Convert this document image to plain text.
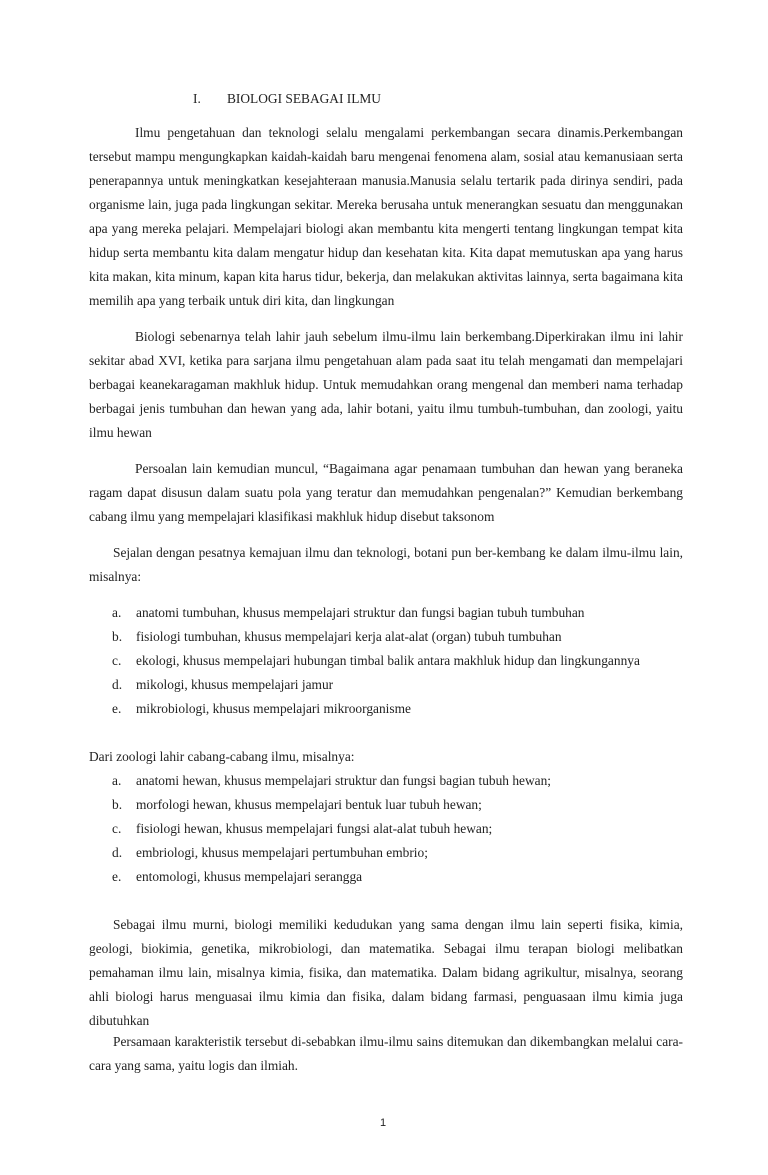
I. BIOLOGI SEBAGAI ILMU

Ilmu pengetahuan dan teknologi selalu mengalami perkembangan secara dinamis.Perkembangan tersebut mampu mengungkapkan kaidah-kaidah baru mengenai fenomena alam, sosial atau kemanusiaan serta penerapannya untuk meningkatkan kesejahteraan manusia.Manusia selalu tertarik pada dirinya sendiri, pada organisme lain, juga pada lingkungan sekitar. Mereka berusaha untuk menerangkan sesuatu dan menggunakan apa yang mereka pelajari. Mempelajari biologi akan membantu kita mengerti tentang lingkungan tempat kita hidup serta membantu kita dalam mengatur hidup dan kesehatan kita. Kita dapat memutuskan apa yang harus kita makan, kita minum, kapan kita harus tidur, bekerja, dan melakukan aktivitas lainnya, serta bagaimana kita memilih apa yang terbaik untuk diri kita, dan lingkungan

Biologi sebenarnya telah lahir jauh sebelum ilmu-ilmu lain berkembang.Diperkirakan ilmu ini lahir sekitar abad XVI, ketika para sarjana ilmu pengetahuan alam pada saat itu telah mengamati dan mempelajari berbagai keanekaragaman makhluk hidup. Untuk memudahkan orang mengenal dan memberi nama terhadap berbagai jenis tumbuhan dan hewan yang ada, lahir botani, yaitu ilmu tumbuh-tumbuhan, dan zoologi, yaitu ilmu hewan

Persoalan lain kemudian muncul, “Bagaimana agar penamaan tumbuhan dan hewan yang beraneka ragam dapat disusun dalam suatu pola yang teratur dan memudahkan pengenalan?” Kemudian berkembang cabang ilmu yang mempelajari klasifikasi makhluk hidup disebut taksonom

Sejalan dengan pesatnya kemajuan ilmu dan teknologi, botani pun ber-kembang ke dalam ilmu-ilmu lain, misalnya:

a.	anatomi tumbuhan, khusus mempelajari struktur dan fungsi bagian tubuh tumbuhan
b.	fisiologi tumbuhan, khusus mempelajari kerja alat-alat (organ) tubuh tumbuhan
c.	ekologi, khusus mempelajari hubungan timbal balik antara makhluk hidup dan lingkungannya
d.	mikologi, khusus mempelajari jamur
e.	mikrobiologi, khusus mempelajari mikroorganisme

Dari zoologi lahir cabang-cabang ilmu, misalnya:

a.	anatomi hewan, khusus mempelajari struktur dan fungsi bagian tubuh hewan;
b.	morfologi hewan, khusus mempelajari bentuk luar tubuh hewan;
c.	fisiologi hewan, khusus mempelajari fungsi alat-alat tubuh hewan;
d.	embriologi, khusus mempelajari pertumbuhan embrio;
e.	entomologi, khusus mempelajari serangga

Sebagai ilmu murni, biologi memiliki kedudukan yang sama dengan ilmu lain seperti fisika, kimia, geologi, biokimia, genetika, mikrobiologi, dan matematika. Sebagai ilmu terapan biologi melibatkan pemahaman ilmu lain, misalnya kimia, fisika, dan matematika. Dalam bidang agrikultur, misalnya, seorang ahli biologi harus menguasai ilmu kimia dan fisika, dalam bidang farmasi, penguasaan ilmu kimia juga dibutuhkan

Persamaan karakteristik tersebut di-sebabkan ilmu-ilmu sains ditemukan dan dikembangkan melalui cara-cara yang sama, yaitu logis dan ilmiah.

1
